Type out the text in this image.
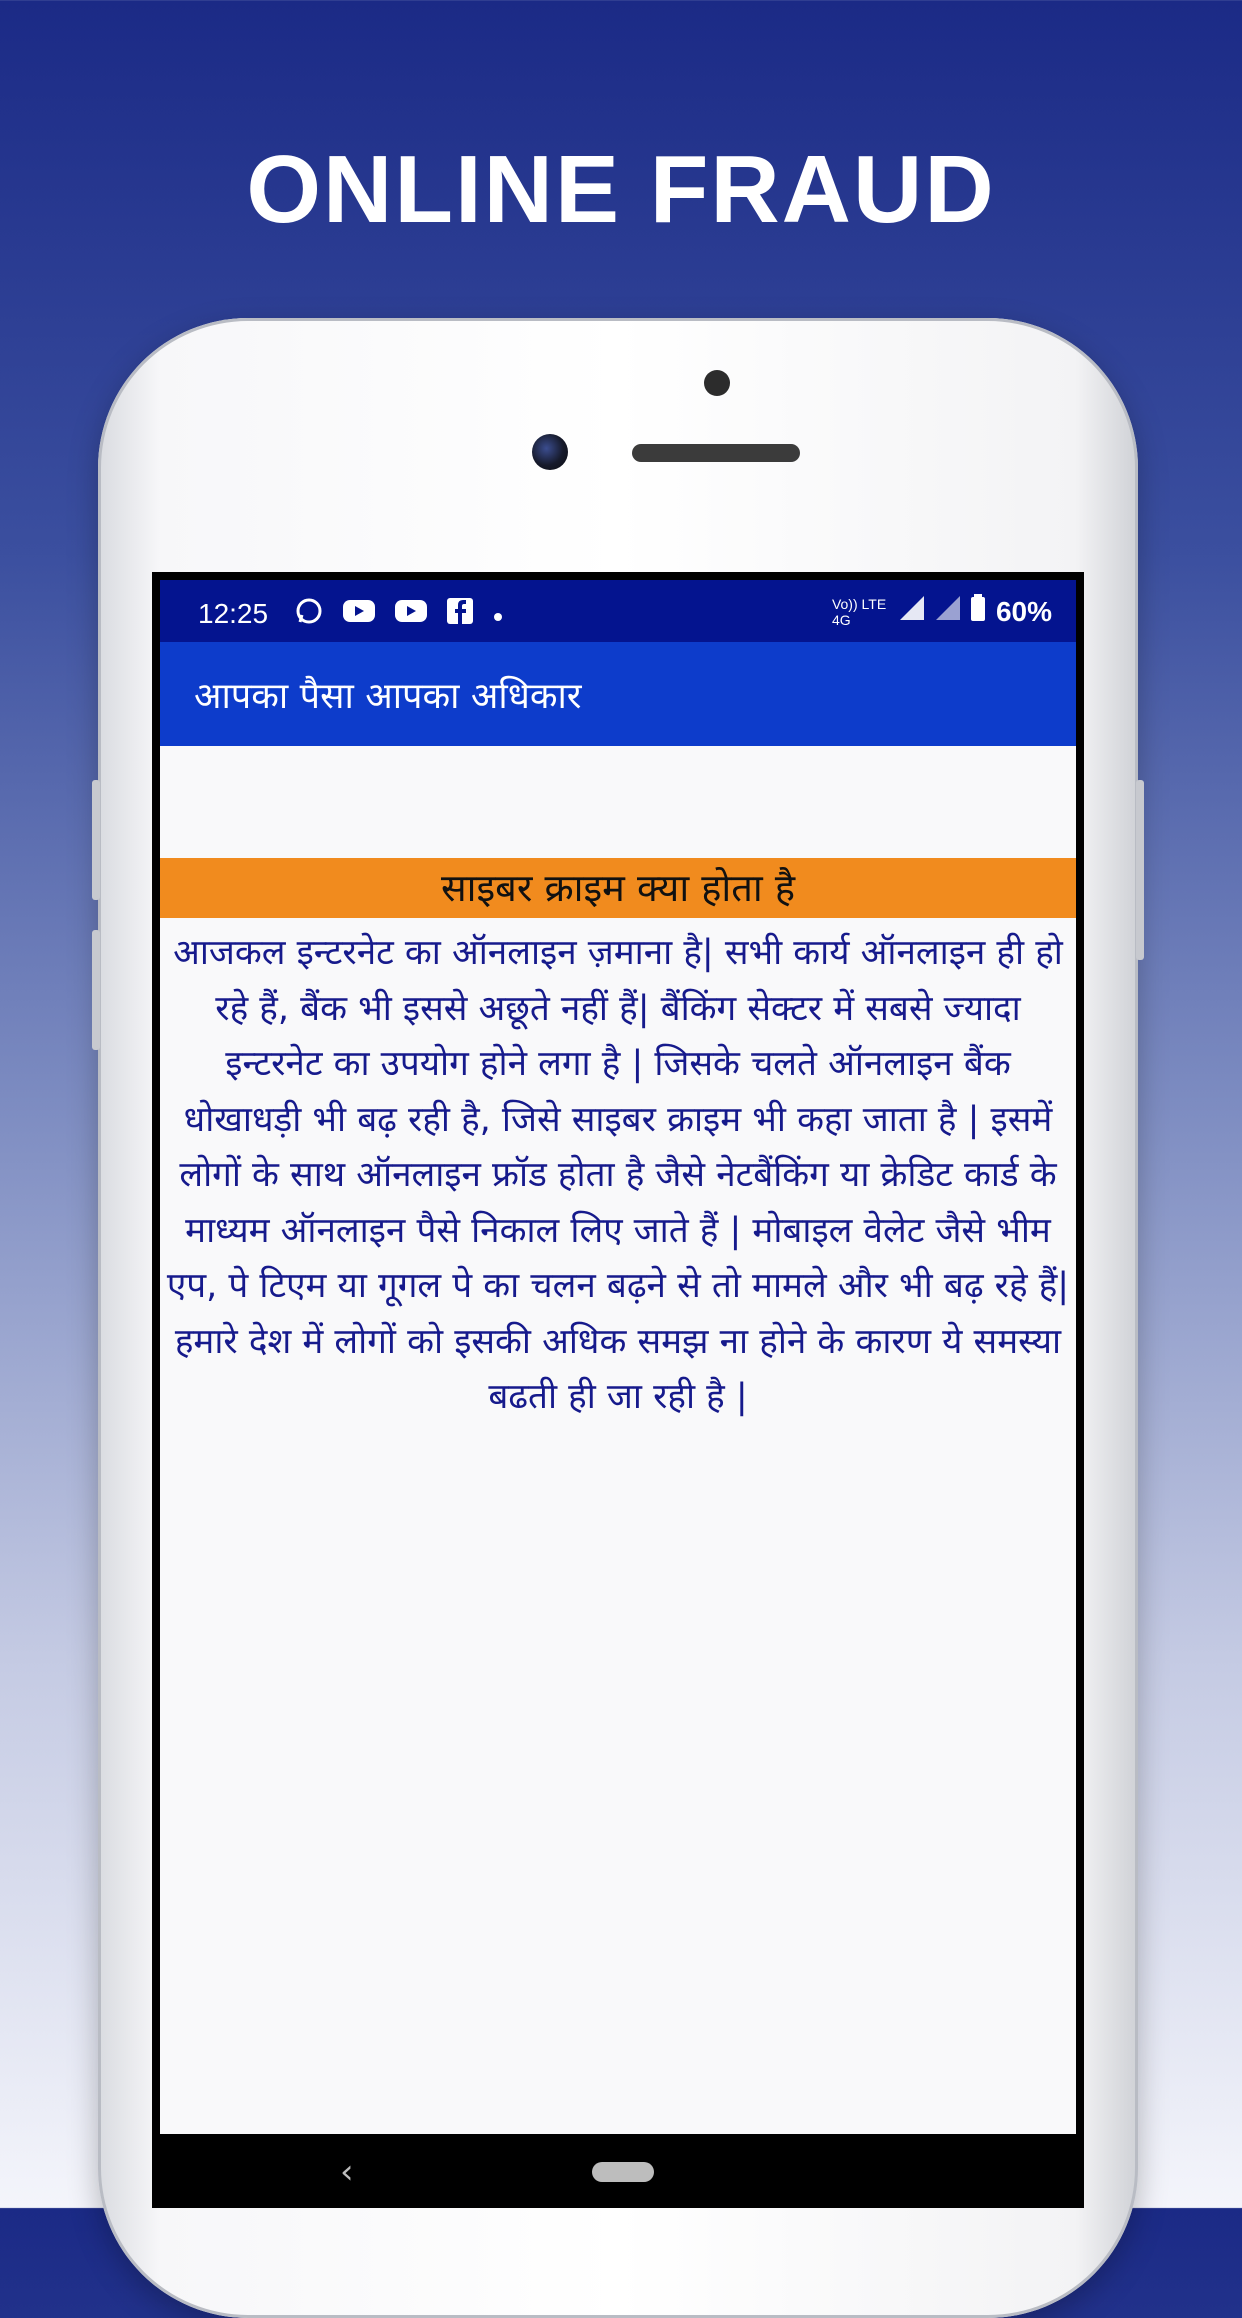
ONLINE FRAUD
12:25	Vo)) LTE 4G	60%
आपका पैसा आपका अधिकार
साइबर क्राइम क्या होता है
आजकल इन्टरनेट का ऑनलाइन ज़माना है| सभी कार्य ऑनलाइन ही हो रहे हैं, बैंक भी इससे अछूते नहीं हैं| बैंकिंग सेक्टर में सबसे ज्यादा इन्टरनेट का उपयोग होने लगा है | जिसके चलते ऑनलाइन बैंक धोखाधड़ी भी बढ़ रही है, जिसे साइबर क्राइम भी कहा जाता है | इसमें लोगों के साथ ऑनलाइन फ्रॉड होता है जैसे नेटबैंकिंग या क्रेडिट कार्ड के माध्यम ऑनलाइन पैसे निकाल लिए जाते हैं | मोबाइल वेलेट जैसे भीम एप, पे टिएम या गूगल पे का चलन बढ़ने से तो मामले और भी बढ़ रहे हैं| हमारे देश में लोगों को इसकी अधिक समझ ना होने के कारण ये समस्या बढती ही जा रही है |
‹
